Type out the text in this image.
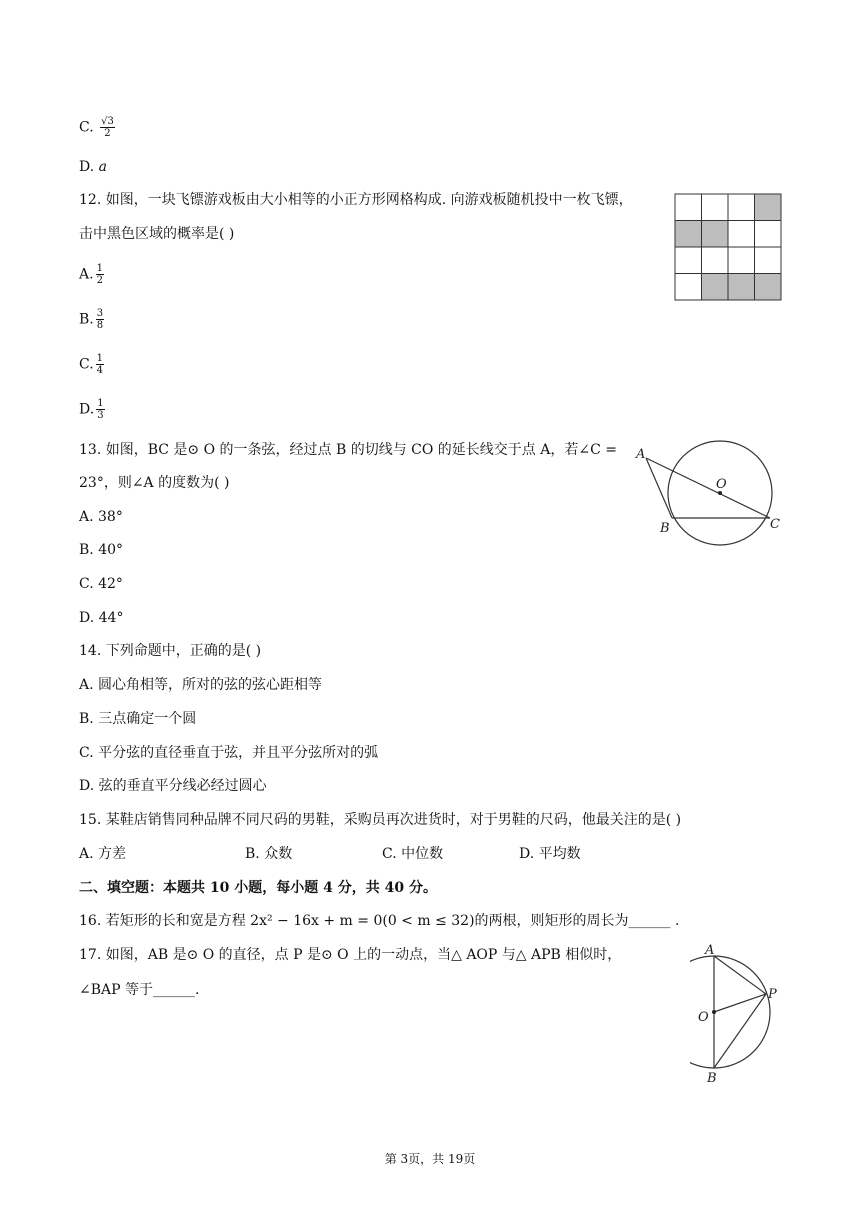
C. $\frac{√3}{2}$
D. a
12. 如图，一块飞镖游戏板由大小相等的小正方形网格构成. 向游戏板随机投中一枚飞镖，
击中黑色区域的概率是( )
A. $\frac{1}{2}$
B. $\frac{3}{8}$
C. $\frac{1}{4}$
D. $\frac{1}{3}$
13. 如图，BC 是⊙ O 的一条弦，经过点 B 的切线与 CO 的延长线交于点 A，若∠C =
23°，则∠A 的度数为( )
A. 38°
B. 40°
C. 42°
D. 44°
A
O
B	C
14. 下列命题中，正确的是( )
A. 圆心角相等，所对的弦的弦心距相等
B. 三点确定一个圆
C. 平分弦的直径垂直于弦，并且平分弦所对的弧
D. 弦的垂直平分线必经过圆心
15. 某鞋店销售同种品牌不同尺码的男鞋，采购员再次进货时，对于男鞋的尺码，他最关注的是( )
A. 方差	B. 众数	C. 中位数	D. 平均数
二、填空题：本题共 10 小题，每小题 4 分，共 40 分。
16. 若矩形的长和宽是方程 2x² − 16x + m = 0(0 < m ≤ 32)的两根，则矩形的周长为______ .
17. 如图，AB 是⊙ O 的直径，点 P 是⊙ O 上的一动点，当△ AOP 与△ APB 相似时，
∠BAP 等于______.
A
O
P
B
第 3页，共 19页
